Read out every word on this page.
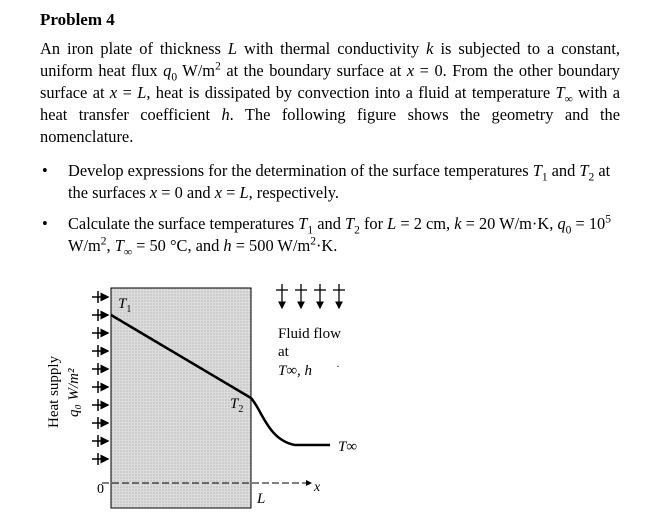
Problem 4
An iron plate of thickness L with thermal conductivity k is subjected to a constant, uniform heat flux $q_0$ $W/m^2$ at the boundary surface at x = 0. From the other boundary surface at x = L, heat is dissipated by convection into a fluid at temperature $T_\infty$ with a heat transfer coefficient h. The following figure shows the geometry and the nomenclature.
• Develop expressions for the determination of the surface temperatures $T_1$ and $T_2$ at the surfaces x = 0 and x = L, respectively.
• Calculate the surface temperatures $T_1$ and $T_2$ for L = 2 cm, k = 20 W/m·K, $q_0 = 10^5$ $W/m^2$, $T_\infty = 50$ °C, and h = 500 $W/m^2\cdot K$.
$T_1$
$T_2$
Fluid flow
at
T∞, h ·
T∞
0
L
x
Heat supply q₀ W/m²
